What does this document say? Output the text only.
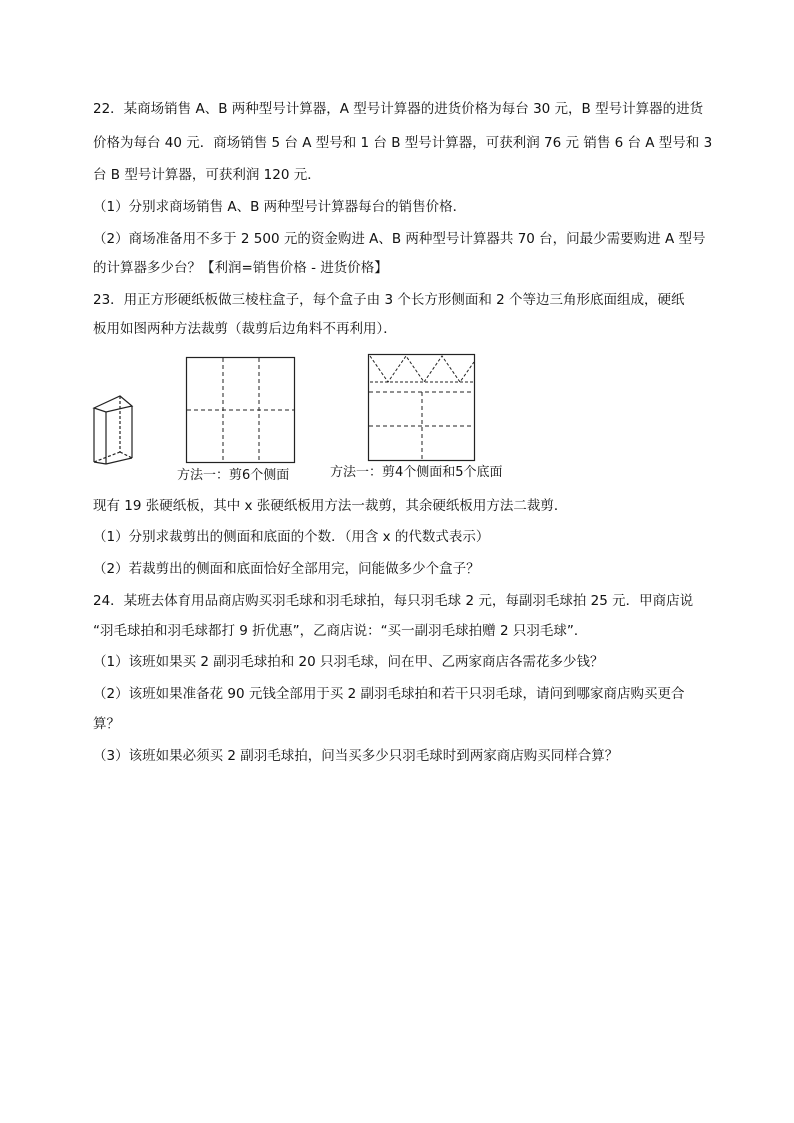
22．某商场销售 A、B 两种型号计算器，A 型号计算器的进货价格为每台 30 元，B 型号计算器的进货
价格为每台 40 元．商场销售 5 台 A 型号和 1 台 B 型号计算器，可获利润 76 元 销售 6 台 A 型号和 3
台 B 型号计算器，可获利润 120 元．
（1）分别求商场销售 A、B 两种型号计算器每台的销售价格．
（2）商场准备用不多于 2 500 元的资金购进 A、B 两种型号计算器共 70 台，问最少需要购进 A 型号
的计算器多少台？【利润=销售价格 - 进货价格】
23．用正方形硬纸板做三棱柱盒子，每个盒子由 3 个长方形侧面和 2 个等边三角形底面组成，硬纸
板用如图两种方法裁剪（裁剪后边角料不再利用）．
方法一：剪6个侧面	方法一：剪4个侧面和5个底面
现有 19 张硬纸板，其中 x 张硬纸板用方法一裁剪，其余硬纸板用方法二裁剪．
（1）分别求裁剪出的侧面和底面的个数．（用含 x 的代数式表示）
（2）若裁剪出的侧面和底面恰好全部用完，问能做多少个盒子？
24．某班去体育用品商店购买羽毛球和羽毛球拍，每只羽毛球 2 元，每副羽毛球拍 25 元．甲商店说
“羽毛球拍和羽毛球都打 9 折优惠”，乙商店说：“买一副羽毛球拍赠 2 只羽毛球”．
（1）该班如果买 2 副羽毛球拍和 20 只羽毛球，问在甲、乙两家商店各需花多少钱？
（2）该班如果准备花 90 元钱全部用于买 2 副羽毛球拍和若干只羽毛球，请问到哪家商店购买更合
算？
（3）该班如果必须买 2 副羽毛球拍，问当买多少只羽毛球时到两家商店购买同样合算？
